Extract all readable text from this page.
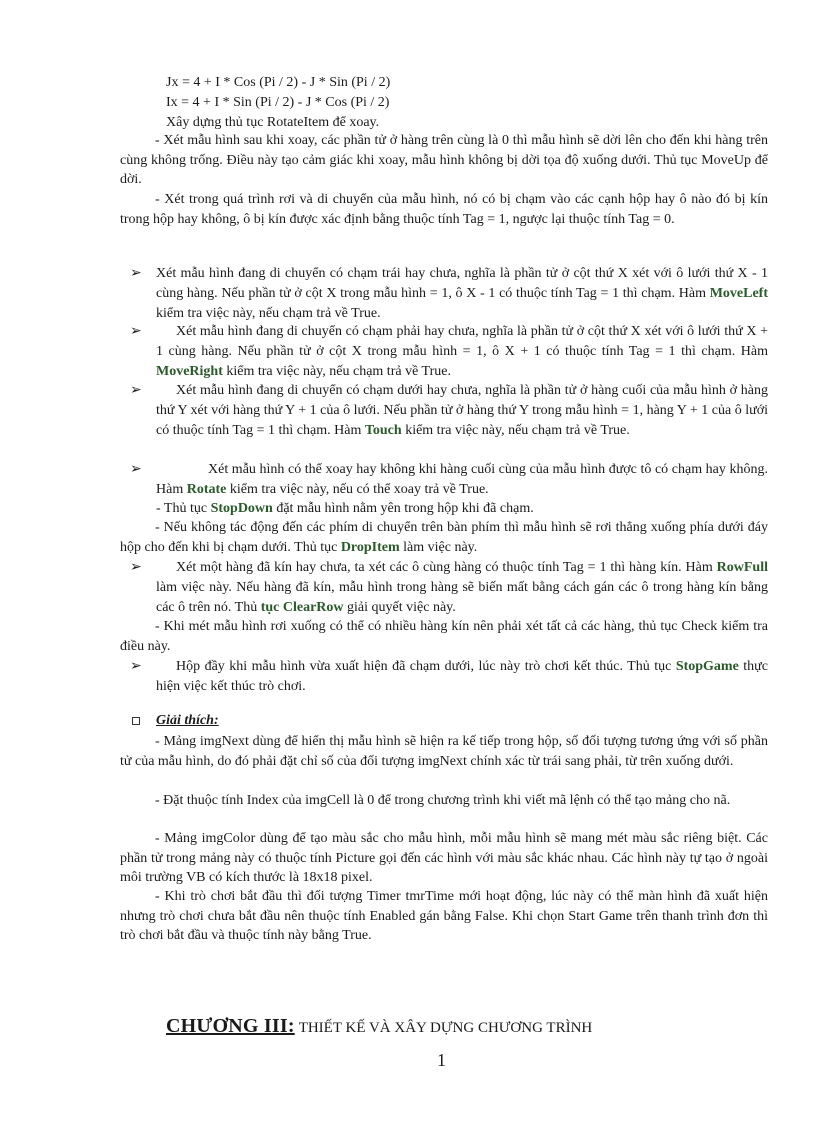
Jx = 4 + I * Cos (Pi / 2) - J * Sin (Pi / 2)
Ix = 4 + I * Sin (Pi / 2) - J * Cos (Pi / 2)
Xây dựng thủ tục RotateItem để xoay.
- Xét mẫu hình sau khi xoay, các phần tử ở hàng trên cùng là 0 thì mẫu hình sẽ dời lên cho đến khi hàng trên cùng không trống. Điều này tạo cảm giác khi xoay, mẫu hình không bị dời tọa độ xuống dưới. Thủ tục MoveUp để dời.
- Xét trong quá trình rơi và di chuyển của mẫu hình, nó có bị chạm vào các cạnh hộp hay ô nào đó bị kín trong hộp hay không, ô bị kín được xác định bằng thuộc tính Tag = 1, ngược lại thuộc tính Tag = 0.
➢ Xét mẫu hình đang di chuyển có chạm trái hay chưa, nghĩa là phần tử ở cột thứ X xét với ô lưới thứ X - 1 cùng hàng. Nếu phần tử ở cột X trong mẫu hình = 1, ô X - 1 có thuộc tính Tag = 1 thì chạm. Hàm MoveLeft kiểm tra việc này, nếu chạm trả về True.
➢	Xét mẫu hình đang di chuyển có chạm phải hay chưa, nghĩa là phần tử ở cột thứ X xét với ô lưới thứ X + 1 cùng hàng. Nếu phần tử ở cột X trong mẫu hình = 1, ô X + 1 có thuộc tính Tag = 1 thì chạm. Hàm MoveRight kiểm tra việc này, nếu chạm trả về True.
➢	Xét mẫu hình đang di chuyển có chạm dưới hay chưa, nghĩa là phần tử ở hàng cuối của mẫu hình ở hàng thứ Y xét với hàng thứ Y + 1 của ô lưới. Nếu phần tử ở hàng thứ Y trong mẫu hình = 1, hàng Y + 1 của ô lưới có thuộc tính Tag = 1 thì chạm. Hàm Touch kiểm tra việc này, nếu chạm trả về True.
➢	Xét mẫu hình có thể xoay hay không khi hàng cuối cùng của mẫu hình được tô có chạm hay không. Hàm Rotate kiểm tra việc này, nếu có thể xoay trả về True.
- Thủ tục StopDown đặt mẫu hình nằm yên trong hộp khi đã chạm.
- Nếu không tác động đến các phím di chuyển trên bàn phím thì mẫu hình sẽ rơi thẳng xuống phía dưới đáy hộp cho đến khi bị chạm dưới. Thủ tục DropItem làm việc này.
➢	Xét một hàng đã kín hay chưa, ta xét các ô cùng hàng có thuộc tính Tag = 1 thì hàng kín. Hàm RowFull làm việc này. Nếu hàng đã kín, mẫu hình trong hàng sẽ biến mất bằng cách gán các ô trong hàng kín bằng các ô trên nó. Thủ tục ClearRow giải quyết việc này.
- Khi mét mẫu hình rơi xuống có thể có nhiều hàng kín nên phải xét tất cả các hàng, thủ tục Check kiểm tra điều này.
➢	Hộp đầy khi mẫu hình vừa xuất hiện đã chạm dưới, lúc này trò chơi kết thúc. Thủ tục StopGame thực hiện việc kết thúc trò chơi.
Giải thích:
- Mảng imgNext dùng để hiển thị mẫu hình sẽ hiện ra kế tiếp trong hộp, số đối tượng tương ứng với số phần tử của mẫu hình, do đó phải đặt chỉ số của đối tượng imgNext chính xác từ trái sang phải, từ trên xuống dưới.
- Đặt thuộc tính Index của imgCell là 0 để trong chương trình khi viết mã lệnh có thể tạo mảng cho nã.
- Mảng imgColor dùng để tạo màu sắc cho mẫu hình, mỗi mẫu hình sẽ mang mét màu sắc riêng biệt. Các phần tử trong mảng này có thuộc tính Picture gọi đến các hình với màu sắc khác nhau. Các hình này tự tạo ở ngoài môi trường VB có kích thước là 18x18 pixel.
- Khi trò chơi bắt đầu thì đối tượng Timer tmrTime mới hoạt động, lúc này có thể màn hình đã xuất hiện nhưng trò chơi chưa bắt đầu nên thuộc tính Enabled gán bằng False. Khi chọn Start Game trên thanh trình đơn thì trò chơi bắt đầu và thuộc tính này bằng True.
CHƯƠNG III: THIẾT KẾ VÀ XÂY DỰNG CHƯƠNG TRÌNH
1
